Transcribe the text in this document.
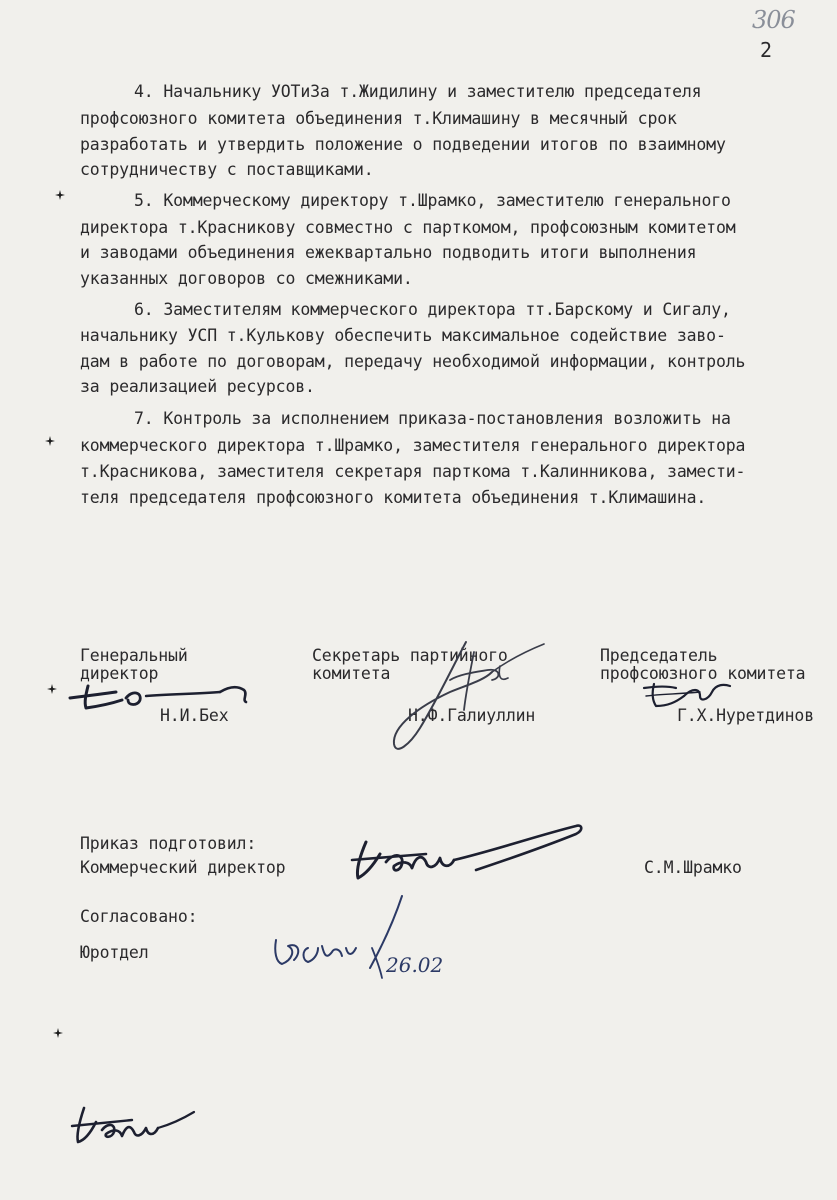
306
2
4. Начальнику УОТиЗа т.Жидилину и заместителю председателя
профсоюзного комитета объединения т.Климашину в месячный срок
разработать и утвердить положение о подведении итогов по взаимному
сотрудничеству с поставщиками.
5. Коммерческому директору т.Шрамко, заместителю генерального
директора т.Красникову совместно с парткомом, профсоюзным комитетом
и заводами объединения ежеквартально подводить итоги выполнения
указанных договоров со смежниками.
6. Заместителям коммерческого директора тт.Барскому и Сигалу,
начальнику УСП т.Кулькову обеспечить максимальное содействие заво-
дам в работе по договорам, передачу необходимой информации, контроль
за реализацией ресурсов.
7. Контроль за исполнением приказа-постановления возложить на
коммерческого директора т.Шрамко, заместителя генерального директора
т.Красникова, заместителя секретаря парткома т.Калинникова, замести-
теля председателя профсоюзного комитета объединения т.Климашина.
Генеральный
директор
Н.И.Бех
Секретарь партийного
комитета
Н.Ф.Галиуллин
Председатель
профсоюзного комитета
Г.Х.Нуретдинов
Приказ подготовил:
Коммерческий директор	С.М.Шрамко
Согласовано:
Юротдел
26.02
